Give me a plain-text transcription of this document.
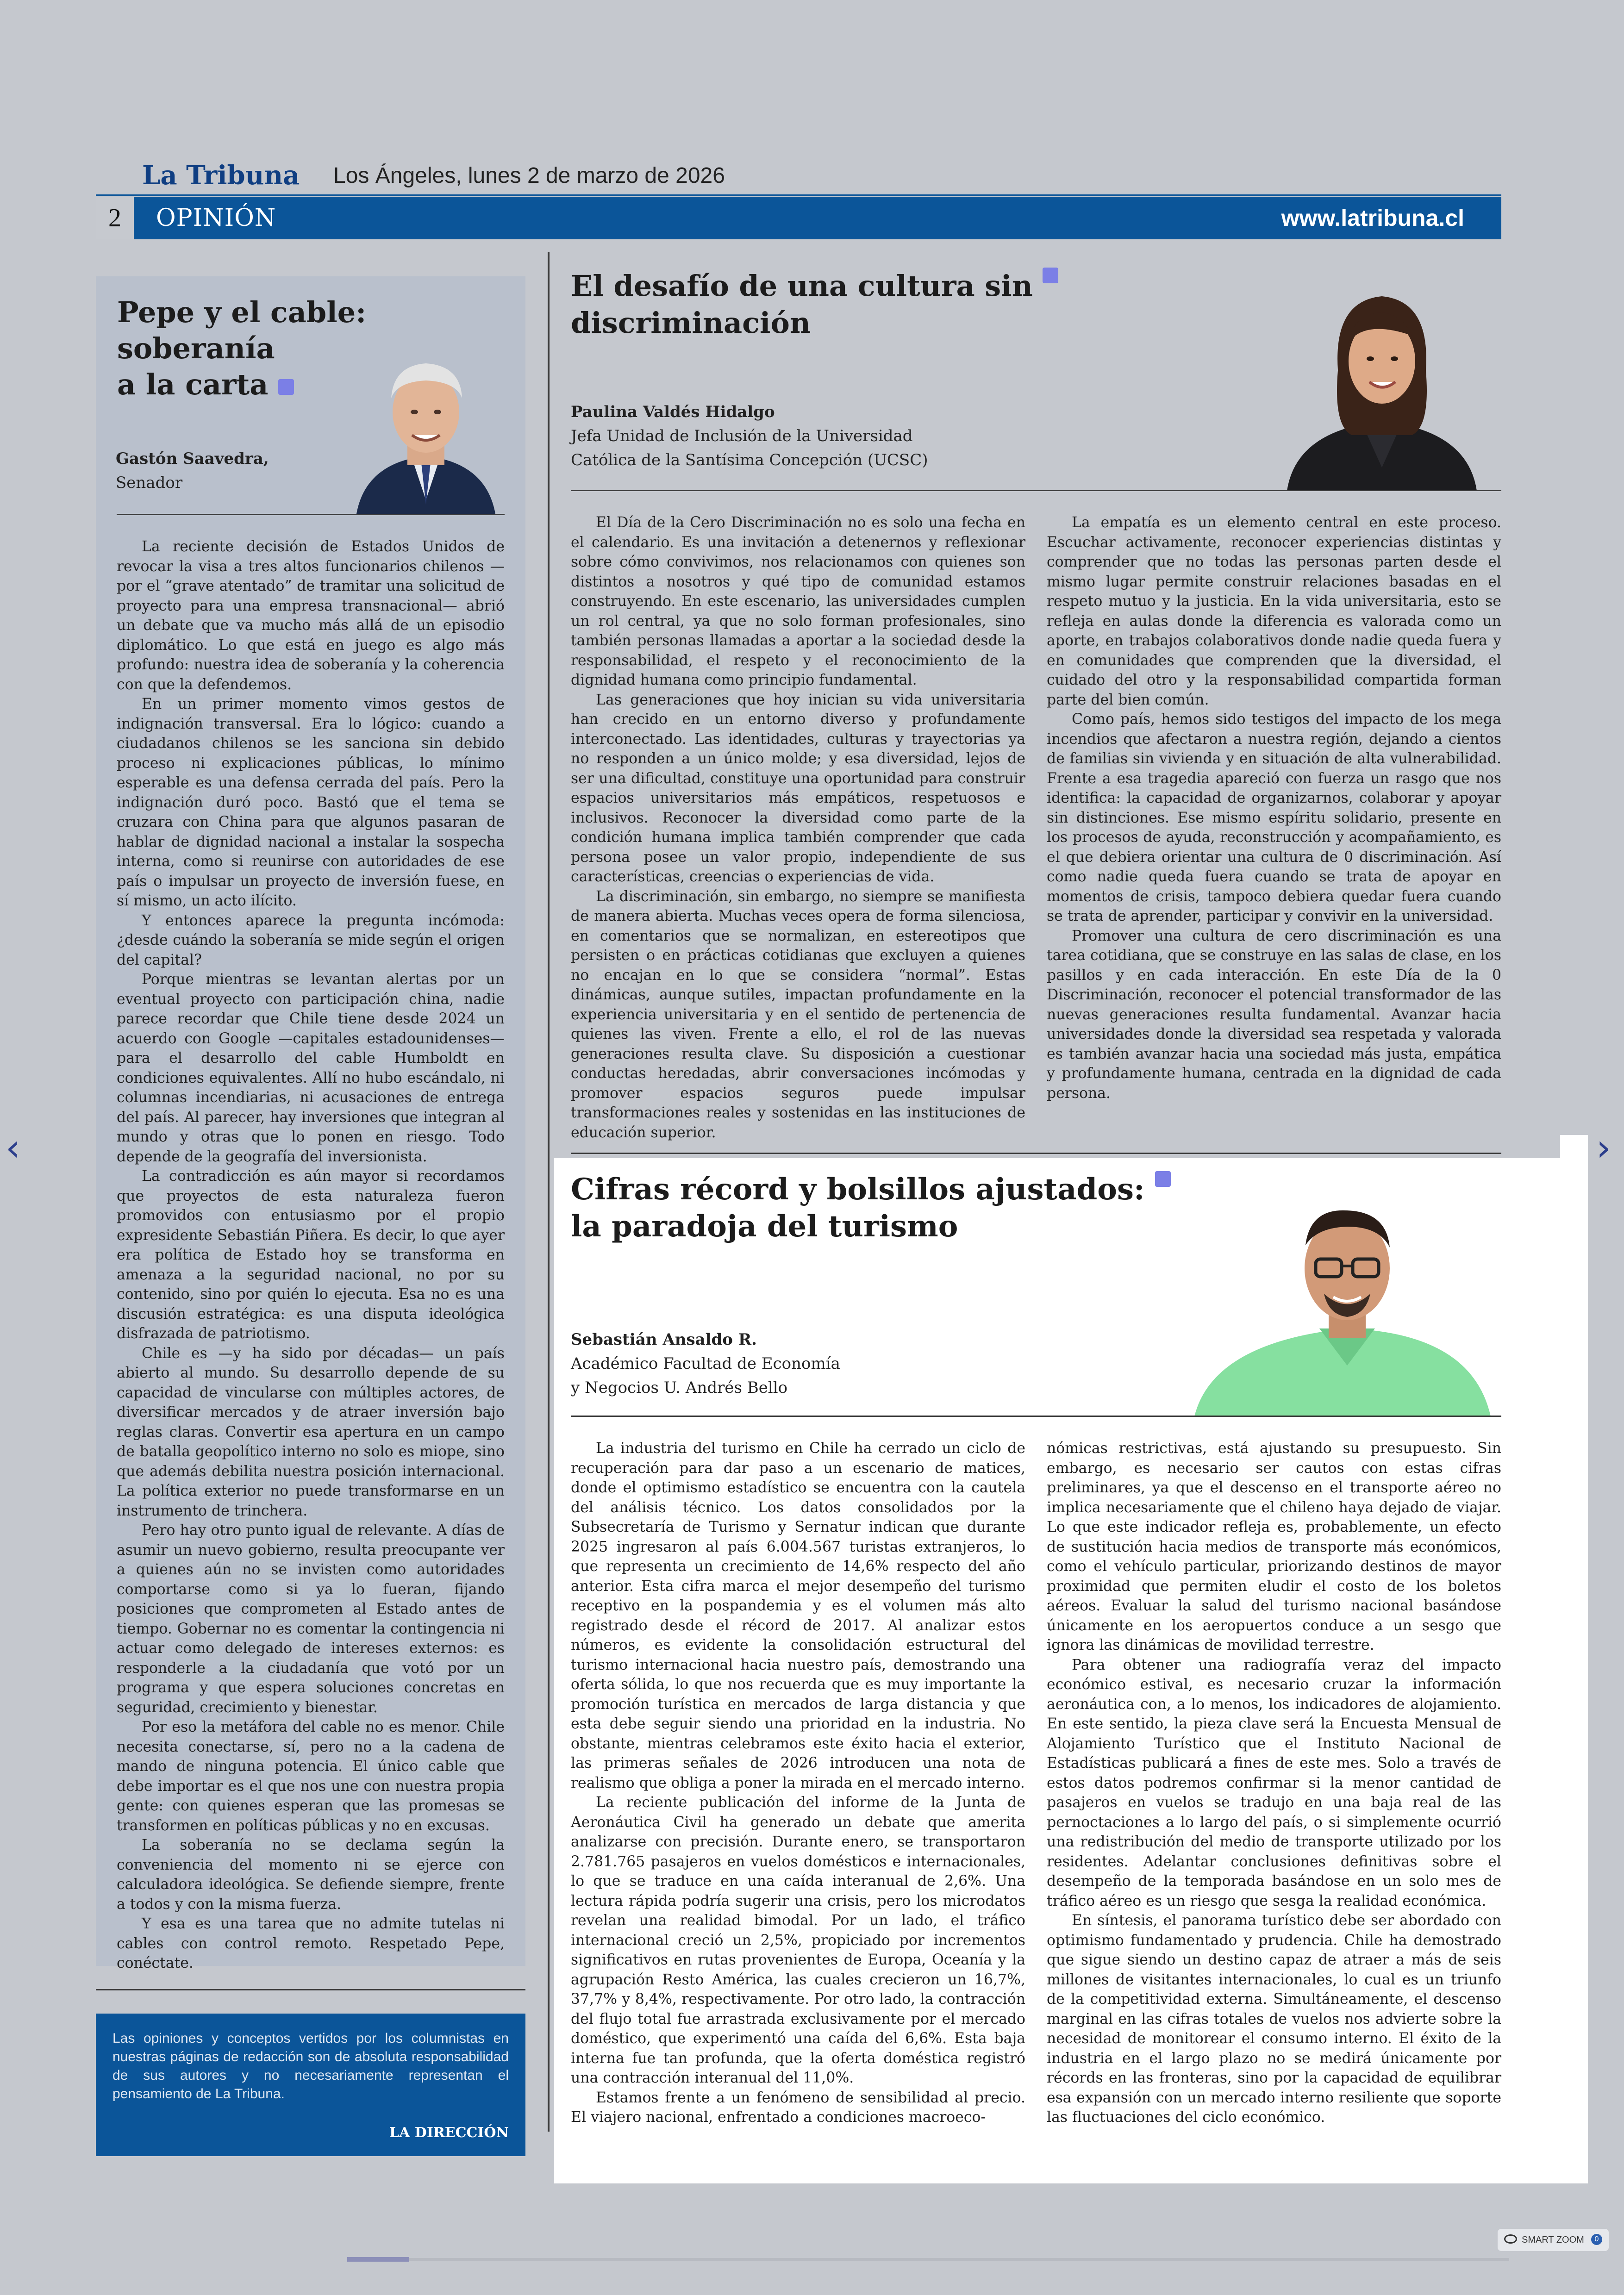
‹	›
La Tribuna Los Ángeles, lunes 2 de marzo de 2026
2	OPINIÓN	www.latribuna.cl
Pepe y el cable: soberanía
a la carta
Gastón Saavedra,
Senador

La reciente decisión de Estados Unidos de revocar la visa a tres altos funcionarios chilenos —por el “grave atentado” de tramitar una solicitud de proyecto para una empresa transnacional— abrió un debate que va mucho más allá de un episodio diplomático. Lo que está en juego es algo más profundo: nuestra idea de soberanía y la coherencia con que la defendemos.

En un primer momento vimos gestos de indignación transversal. Era lo lógico: cuando a ciudadanos chilenos se les sanciona sin debido proceso ni explicaciones públicas, lo mínimo esperable es una defensa cerrada del país. Pero la indignación duró poco. Bastó que el tema se cruzara con China para que algunos pasaran de hablar de dignidad nacional a instalar la sospecha interna, como si reunirse con autoridades de ese país o impulsar un proyecto de inversión fuese, en sí mismo, un acto ilícito.

Y entonces aparece la pregunta incómoda: ¿desde cuándo la soberanía se mide según el origen del capital?

Porque mientras se levantan alertas por un eventual proyecto con participación china, nadie parece recordar que Chile tiene desde 2024 un acuerdo con Google —capitales estadounidenses— para el desarrollo del cable Humboldt en condiciones equivalentes. Allí no hubo escándalo, ni columnas incendiarias, ni acusaciones de entrega del país. Al parecer, hay inversiones que integran al mundo y otras que lo ponen en riesgo. Todo depende de la geografía del inversionista.

La contradicción es aún mayor si recordamos que proyectos de esta naturaleza fueron promovidos con entusiasmo por el propio expresidente Sebastián Piñera. Es decir, lo que ayer era política de Estado hoy se transforma en amenaza a la seguridad nacional, no por su contenido, sino por quién lo ejecuta. Esa no es una discusión estratégica: es una disputa ideológica disfrazada de patriotismo.

Chile es —y ha sido por décadas— un país abierto al mundo. Su desarrollo depende de su capacidad de vincularse con múltiples actores, de diversificar mercados y de atraer inversión bajo reglas claras. Convertir esa apertura en un campo de batalla geopolítico interno no solo es miope, sino que además debilita nuestra posición internacional. La política exterior no puede transformarse en un instrumento de trinchera.

Pero hay otro punto igual de relevante. A días de asumir un nuevo gobierno, resulta preocupante ver a quienes aún no se invisten como autoridades comportarse como si ya lo fueran, fijando posiciones que comprometen al Estado antes de tiempo. Gobernar no es comentar la contingencia ni actuar como delegado de intereses externos: es responderle a la ciudadanía que votó por un programa y que espera soluciones concretas en seguridad, crecimiento y bienestar.

Por eso la metáfora del cable no es menor. Chile necesita conectarse, sí, pero no a la cadena de mando de ninguna potencia. El único cable que debe importar es el que nos une con nuestra propia gente: con quienes esperan que las promesas se transformen en políticas públicas y no en excusas.

La soberanía no se declama según la conveniencia del momento ni se ejerce con calculadora ideológica. Se defiende siempre, frente a todos y con la misma fuerza.

Y esa es una tarea que no admite tutelas ni cables con control remoto. Respetado Pepe, conéctate.

Las opiniones y conceptos vertidos por los columnistas en nuestras páginas de redacción son de absoluta responsabilidad de sus autores y no necesariamente representan el pensamiento de La Tribuna.
LA DIRECCIÓN
El desafío de una cultura sin
discriminación
Paulina Valdés Hidalgo
Jefa Unidad de Inclusión de la Universidad
Católica de la Santísima Concepción (UCSC)

El Día de la Cero Discriminación no es solo una fecha en el calendario. Es una invitación a detenernos y reflexionar sobre cómo convivimos, nos relacionamos con quienes son distintos a nosotros y qué tipo de comunidad estamos construyendo. En este escenario, las universidades cumplen un rol central, ya que no solo forman profesionales, sino también personas llamadas a aportar a la sociedad desde la responsabilidad, el respeto y el reconocimiento de la dignidad humana como principio fundamental.

Las generaciones que hoy inician su vida universitaria han crecido en un entorno diverso y profundamente interconectado. Las identidades, culturas y trayectorias ya no responden a un único molde; y esa diversidad, lejos de ser una dificultad, constituye una oportunidad para construir espacios universitarios más empáticos, respetuosos e inclusivos. Reconocer la diversidad como parte de la condición humana implica también comprender que cada persona posee un valor propio, independiente de sus características, creencias o experiencias de vida.

La discriminación, sin embargo, no siempre se manifiesta de manera abierta. Muchas veces opera de forma silenciosa, en comentarios que se normalizan, en estereotipos que persisten o en prácticas cotidianas que excluyen a quienes no encajan en lo que se considera “normal”. Estas dinámicas, aunque sutiles, impactan profundamente en la experiencia universitaria y en el sentido de pertenencia de quienes las viven. Frente a ello, el rol de las nuevas generaciones resulta clave. Su disposición a cuestionar conductas heredadas, abrir conversaciones incómodas y promover espacios seguros puede impulsar transformaciones reales y sostenidas en las instituciones de educación superior.

La empatía es un elemento central en este proceso. Escuchar activamente, reconocer experiencias distintas y comprender que no todas las personas parten desde el mismo lugar permite construir relaciones basadas en el respeto mutuo y la justicia. En la vida universitaria, esto se refleja en aulas donde la diferencia es valorada como un aporte, en trabajos colaborativos donde nadie queda fuera y en comunidades que comprenden que la diversidad, el cuidado del otro y la responsabilidad compartida forman parte del bien común.

Como país, hemos sido testigos del impacto de los mega incendios que afectaron a nuestra región, dejando a cientos de familias sin vivienda y en situación de alta vulnerabilidad. Frente a esa tragedia apareció con fuerza un rasgo que nos identifica: la capacidad de organizarnos, colaborar y apoyar sin distinciones. Ese mismo espíritu solidario, presente en los procesos de ayuda, reconstrucción y acompañamiento, es el que debiera orientar una cultura de 0 discriminación. Así como nadie queda fuera cuando se trata de apoyar en momentos de crisis, tampoco debiera quedar fuera cuando se trata de aprender, participar y convivir en la universidad.

Promover una cultura de cero discriminación es una tarea cotidiana, que se construye en las salas de clase, en los pasillos y en cada interacción. En este Día de la 0 Discriminación, reconocer el potencial transformador de las nuevas generaciones resulta fundamental. Avanzar hacia universidades donde la diversidad sea respetada y valorada es también avanzar hacia una sociedad más justa, empática y profundamente humana, centrada en la dignidad de cada persona.

Cifras récord y bolsillos ajustados:
la paradoja del turismo
Sebastián Ansaldo R.
Académico Facultad de Economía
y Negocios U. Andrés Bello

La industria del turismo en Chile ha cerrado un ciclo de recuperación para dar paso a un escenario de matices, donde el optimismo estadístico se encuentra con la cautela del análisis técnico. Los datos consolidados por la Subsecretaría de Turismo y Sernatur indican que durante 2025 ingresaron al país 6.004.567 turistas extranjeros, lo que representa un crecimiento de 14,6% respecto del año anterior. Esta cifra marca el mejor desempeño del turismo receptivo en la pospandemia y es el volumen más alto registrado desde el récord de 2017. Al analizar estos números, es evidente la consolidación estructural del turismo internacional hacia nuestro país, demostrando una oferta sólida, lo que nos recuerda que es muy importante la promoción turística en mercados de larga distancia y que esta debe seguir siendo una prioridad en la industria. No obstante, mientras celebramos este éxito hacia el exterior, las primeras señales de 2026 introducen una nota de realismo que obliga a poner la mirada en el mercado interno.

La reciente publicación del informe de la Junta de Aeronáutica Civil ha generado un debate que amerita analizarse con precisión. Durante enero, se transportaron 2.781.765 pasajeros en vuelos domésticos e internacionales, lo que se traduce en una caída interanual de 2,6%. Una lectura rápida podría sugerir una crisis, pero los microdatos revelan una realidad bimodal. Por un lado, el tráfico internacional creció un 2,5%, propiciado por incrementos significativos en rutas provenientes de Europa, Oceanía y la agrupación Resto América, las cuales crecieron un 16,7%, 37,7% y 8,4%, respectivamente. Por otro lado, la contracción del flujo total fue arrastrada exclusivamente por el mercado doméstico, que experimentó una caída del 6,6%. Esta baja interna fue tan profunda, que la oferta doméstica registró una contracción interanual del 11,0%.

Estamos frente a un fenómeno de sensibilidad al precio. El viajero nacional, enfrentado a condiciones macroeco-

nómicas restrictivas, está ajustando su presupuesto. Sin embargo, es necesario ser cautos con estas cifras preliminares, ya que el descenso en el transporte aéreo no implica necesariamente que el chileno haya dejado de viajar. Lo que este indicador refleja es, probablemente, un efecto de sustitución hacia medios de transporte más económicos, como el vehículo particular, priorizando destinos de mayor proximidad que permiten eludir el costo de los boletos aéreos. Evaluar la salud del turismo nacional basándose únicamente en los aeropuertos conduce a un sesgo que ignora las dinámicas de movilidad terrestre.

Para obtener una radiografía veraz del impacto económico estival, es necesario cruzar la información aeronáutica con, a lo menos, los indicadores de alojamiento. En este sentido, la pieza clave será la Encuesta Mensual de Alojamiento Turístico que el Instituto Nacional de Estadísticas publicará a fines de este mes. Solo a través de estos datos podremos confirmar si la menor cantidad de pasajeros en vuelos se tradujo en una baja real de las pernoctaciones a lo largo del país, o si simplemente ocurrió una redistribución del medio de transporte utilizado por los residentes. Adelantar conclusiones definitivas sobre el desempeño de la temporada basándose en un solo mes de tráfico aéreo es un riesgo que sesga la realidad económica.

En síntesis, el panorama turístico debe ser abordado con optimismo fundamentado y prudencia. Chile ha demostrado que sigue siendo un destino capaz de atraer a más de seis millones de visitantes internacionales, lo cual es un triunfo de la competitividad externa. Simultáneamente, el descenso marginal en las cifras totales de vuelos nos advierte sobre la necesidad de monitorear el consumo interno. El éxito de la industria en el largo plazo no se medirá únicamente por récords en las fronteras, sino por la capacidad de equilibrar esa expansión con un mercado interno resiliente que soporte las fluctuaciones del ciclo económico.

SMART ZOOM	0
